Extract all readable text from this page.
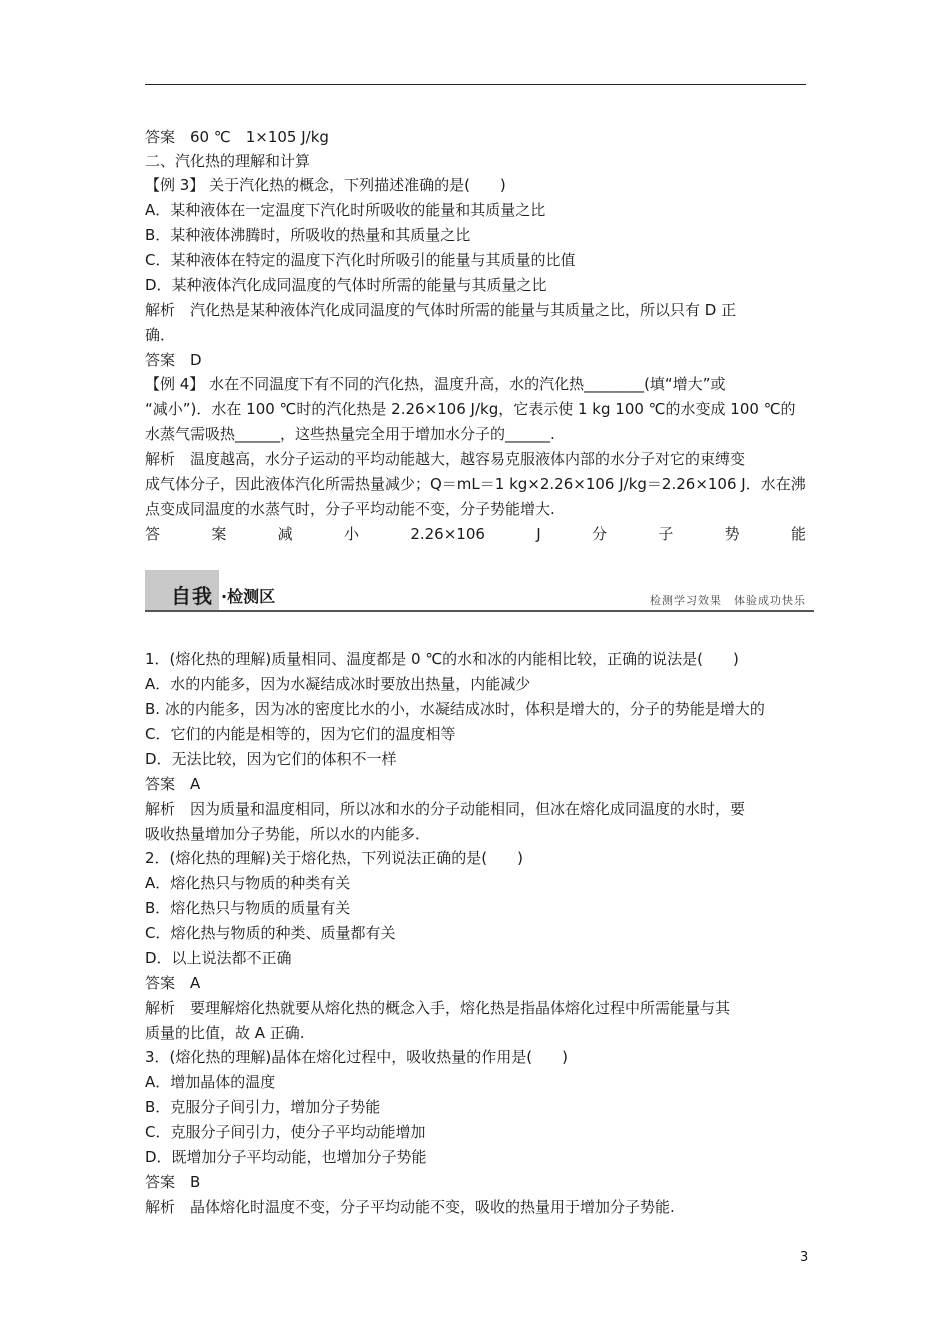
答案　60 ℃　1×105 J/kg
二、汽化热的理解和计算
【例 3】 关于汽化热的概念，下列描述准确的是(　　)
A．某种液体在一定温度下汽化时所吸收的能量和其质量之比
B．某种液体沸腾时，所吸收的热量和其质量之比
C．某种液体在特定的温度下汽化时所吸引的能量与其质量的比值
D．某种液体汽化成同温度的气体时所需的能量与其质量之比
解析　汽化热是某种液体汽化成同温度的气体时所需的能量与其质量之比，所以只有 D 正
确．
答案　D
【例 4】 水在不同温度下有不同的汽化热，温度升高，水的汽化热________(填“增大”或
“减小”)．水在 100 ℃时的汽化热是 2.26×106 J/kg，它表示使 1 kg 100 ℃的水变成 100 ℃的
水蒸气需吸热______，这些热量完全用于增加水分子的______.
解析　温度越高，水分子运动的平均动能越大，越容易克服液体内部的水分子对它的束缚变
成气体分子，因此液体汽化所需热量减少；Q＝mL＝1 kg×2.26×106 J/kg＝2.26×106 J．水在沸
点变成同温度的水蒸气时，分子平均动能不变，分子势能增大.
答	案	减	小	2.26×106	J	分	子	势	能
自我 ·检测区	检测学习效果　体验成功快乐
1．(熔化热的理解)质量相同、温度都是 0 ℃的水和冰的内能相比较，正确的说法是(　　)
A．水的内能多，因为水凝结成冰时要放出热量，内能减少
B. 冰的内能多，因为冰的密度比水的小，水凝结成冰时，体积是增大的，分子的势能是增大的
C．它们的内能是相等的，因为它们的温度相等
D．无法比较，因为它们的体积不一样
答案　A
解析　因为质量和温度相同，所以冰和水的分子动能相同，但冰在熔化成同温度的水时，要
吸收热量增加分子势能，所以水的内能多．
2．(熔化热的理解)关于熔化热，下列说法正确的是(　　)
A．熔化热只与物质的种类有关
B．熔化热只与物质的质量有关
C．熔化热与物质的种类、质量都有关
D．以上说法都不正确
答案　A
解析　要理解熔化热就要从熔化热的概念入手，熔化热是指晶体熔化过程中所需能量与其
质量的比值，故 A 正确.
3．(熔化热的理解)晶体在熔化过程中，吸收热量的作用是(　　)
A．增加晶体的温度
B．克服分子间引力，增加分子势能
C．克服分子间引力，使分子平均动能增加
D．既增加分子平均动能，也增加分子势能
答案　B
解析　晶体熔化时温度不变，分子平均动能不变，吸收的热量用于增加分子势能.
3
